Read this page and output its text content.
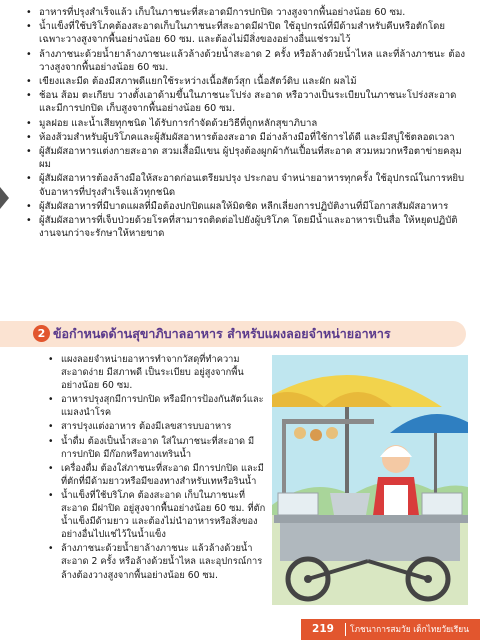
• อาหารที่ปรุงสำเร็จแล้ว เก็บในภาชนะที่สะอาดมีการปกปิด วางสูงจากพื้นอย่างน้อย 60 ซม.
• น้ำแข็งที่ใช้บริโภคต้องสะอาดเก็บในภาชนะที่สะอาดมีฝาปิด ใช้อุปกรณ์ที่มีด้ามสำหรับคีบหรือตักโดยเฉพาะวางสูงจากพื้นอย่างน้อย 60 ซม. และต้องไม่มีสิ่งของอย่างอื่นแช่รวมไว้
• ล้างภาชนะด้วยน้ำยาล้างภาชนะแล้วล้างด้วยน้ำสะอาด 2 ครั้ง หรือล้างด้วยน้ำไหล และที่ล้างภาชนะ ต้องวางสูงจากพื้นอย่างน้อย 60 ซม.
• เขียงและมีด ต้องมีสภาพดีแยกใช้ระหว่างเนื้อสัตว์สุก เนื้อสัตว์ดิบ และผัก ผลไม้
• ช้อน ส้อม ตะเกียบ วางตั้งเอาด้ามขึ้นในภาชนะโปร่ง สะอาด หรือวางเป็นระเบียบในภาชนะโปร่งสะอาดและมีการปกปิด เก็บสูงจากพื้นอย่างน้อย 60 ซม.
• มูลฝอย และน้ำเสียทุกชนิด ได้รับการกำจัดด้วยวิธีที่ถูกหลักสุขาภิบาล
• ห้องส้วมสำหรับผู้บริโภคและผู้สัมผัสอาหารต้องสะอาด มีอ่างล้างมือที่ใช้การได้ดี และมีสบู่ใช้ตลอดเวลา
• ผู้สัมผัสอาหารแต่งกายสะอาด สวมเสื้อมีแขน ผู้ปรุงต้องผูกผ้ากันเปื้อนที่สะอาด สวมหมวกหรือตาข่ายคลุมผม
• ผู้สัมผัสอาหารต้องล้างมือให้สะอาดก่อนเตรียมปรุง ประกอบ จำหน่ายอาหารทุกครั้ง ใช้อุปกรณ์ในการหยิบจับอาหารที่ปรุงสำเร็จแล้วทุกชนิด
• ผู้สัมผัสอาหารที่มีบาดแผลที่มือต้องปกปิดแผลให้มิดชิด หลีกเลี่ยงการปฏิบัติงานที่มีโอกาสสัมผัสอาหาร
• ผู้สัมผัสอาหารที่เจ็บป่วยด้วยโรคที่สามารถติดต่อไปยังผู้บริโภค โดยมีน้ำและอาหารเป็นสื่อ ให้หยุดปฏิบัติงานจนกว่าจะรักษาให้หายขาด
2 ข้อกำหนดด้านสุขาภิบาลอาหาร สำหรับแผงลอยจำหน่ายอาหาร
• แผงลอยจำหน่ายอาหารทำจากวัสดุที่ทำความสะอาดง่าย มีสภาพดี เป็นระเบียบ อยู่สูงจากพื้น อย่างน้อย 60 ซม.
• อาหารปรุงสุกมีการปกปิด หรือมีการป้องกันสัตว์และแมลงนำโรค
• สารปรุงแต่งอาหาร ต้องมีเลขสารบบอาหาร
• น้ำดื่ม ต้องเป็นน้ำสะอาด ใส่ในภาชนะที่สะอาด มีการปกปิด มีก๊อกหรือทางเทรินน้ำ
• เครื่องดื่ม ต้องใส่ภาชนะที่สะอาด มีการปกปิด และมีที่ตักที่มีด้ามยาวหรือมีของทางสำหรับเทหรือรินน้ำ
• น้ำแข็งที่ใช้บริโภค ต้องสะอาด เก็บในภาชนะที่สะอาด มีฝาปิด อยู่สูงจากพื้นอย่างน้อย 60 ซม. ที่ตักน้ำแข็งมีด้ามยาว และต้องไม่นำอาหารหรือสิ่งของอย่างอื่นไปแช่ไว้ในน้ำแข็ง
• ล้างภาชนะด้วยน้ำยาล้างภาชนะ แล้วล้างด้วยน้ำสะอาด 2 ครั้ง หรือล้างด้วยน้ำไหล และอุปกรณ์การล้างต้องวางสูงจากพื้นอย่างน้อย 60 ซม.
219	โภชนาการสมวัย เด็กไทยวัยเรียน
